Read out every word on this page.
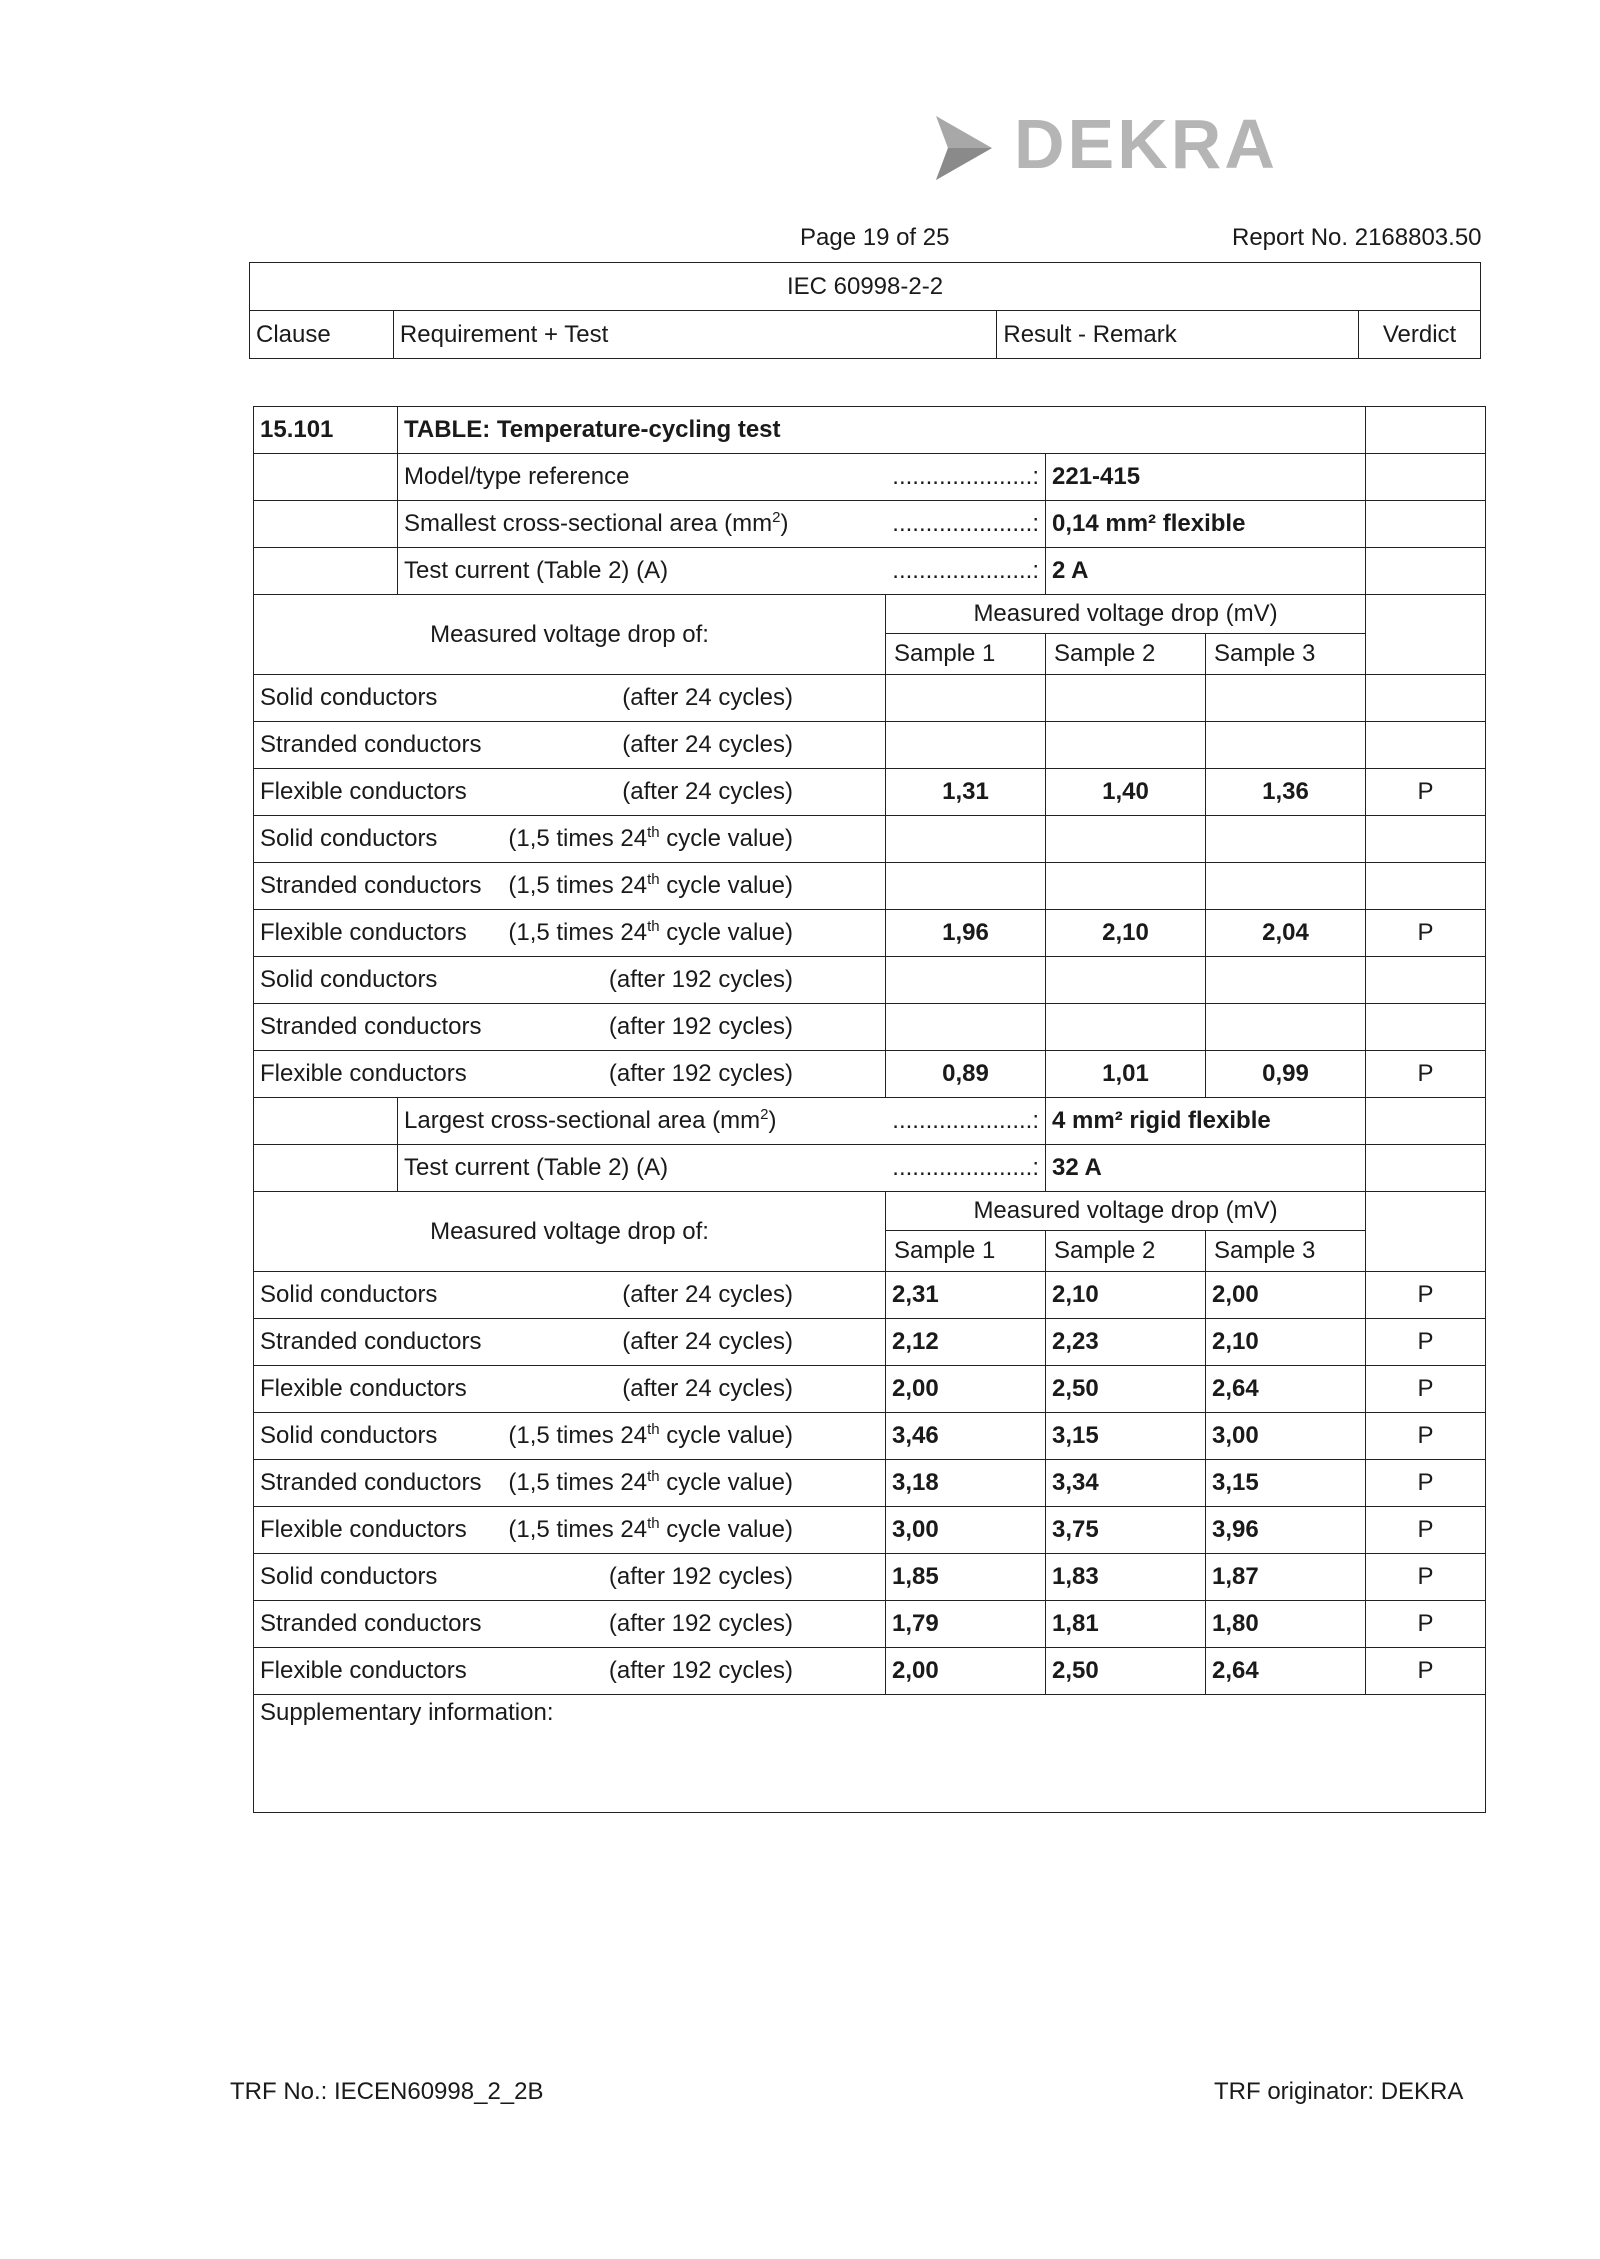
DEKRA
Page 19 of 25	Report No. 2168803.50
IEC 60998-2-2
Clause	Requirement + Test	Result - Remark	Verdict
15.101	TABLE: Temperature-cycling test				

	Model/type reference .....................:		221-415		

	Smallest cross-sectional area $(mm^2)$ .....................:		0,14 mm² flexible		

	Test current (Table 2) (A) .....................:		2 A		
Measured voltage drop of:		Measured voltage drop (mV)
Sample 1 Sample 2 Sample 3			

Solid conductors (after 24 cycles)					

Stranded conductors (after 24 cycles)					

Flexible conductors (after 24 cycles)		1,31	1,40	1,36	P

Solid conductors (1,5 times 24th cycle value)					

Stranded conductors (1,5 times 24th cycle value)					

Flexible conductors (1,5 times 24th cycle value)		1,96	2,10	2,04	P

Solid conductors (after 192 cycles)					

Stranded conductors (after 192 cycles)					

Flexible conductors (after 192 cycles)		0,89	1,01	0,99	P

	Largest cross-sectional area $(mm^2)$ .....................:		4 mm² rigid flexible		

	Test current (Table 2) (A) .....................:		32 A		
Measured voltage drop of:		Measured voltage drop (mV)
Sample 1 Sample 2 Sample 3			

Solid conductors (after 24 cycles)		2,31	2,10	2,00	P

Stranded conductors (after 24 cycles)		2,12	2,23	2,10	P

Flexible conductors (after 24 cycles)		2,00	2,50	2,64	P

Solid conductors (1,5 times 24th cycle value)		3,46	3,15	3,00	P

Stranded conductors (1,5 times 24th cycle value)		3,18	3,34	3,15	P

Flexible conductors (1,5 times 24th cycle value)		3,00	3,75	3,96	P

Solid conductors (after 192 cycles)		1,85	1,83	1,87	P

Stranded conductors (after 192 cycles)		1,79	1,81	1,80	P

Flexible conductors (after 192 cycles)		2,00	2,50	2,64	P
Supplementary information:					
TRF No.: IECEN60998_2_2B	TRF originator: DEKRA
